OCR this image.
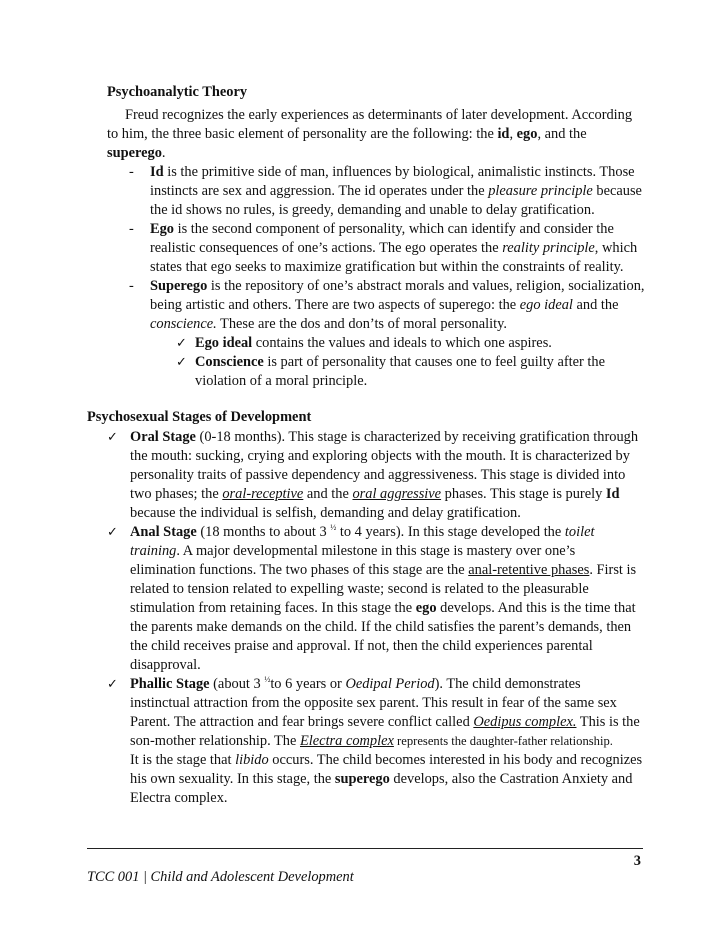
Psychoanalytic Theory
Freud recognizes the early experiences as determinants of later development. According
to him, the three basic element of personality are the following: the id, ego, and the
superego.
- Id is the primitive side of man, influences by biological, animalistic instincts. Those
instincts are sex and aggression. The id operates under the pleasure principle because
the id shows no rules, is greedy, demanding and unable to delay gratification.
- Ego is the second component of personality, which can identify and consider the
realistic consequences of one’s actions. The ego operates the reality principle, which
states that ego seeks to maximize gratification but within the constraints of reality.
- Superego is the repository of one’s abstract morals and values, religion, socialization,
being artistic and others. There are two aspects of superego: the ego ideal and the
conscience. These are the dos and don’ts of moral personality.
✓ Ego ideal contains the values and ideals to which one aspires.
✓ Conscience is part of personality that causes one to feel guilty after the
violation of a moral principle.
Psychosexual Stages of Development
✓ Oral Stage (0-18 months). This stage is characterized by receiving gratification through
the mouth: sucking, crying and exploring objects with the mouth. It is characterized by
personality traits of passive dependency and aggressiveness. This stage is divided into
two phases; the oral-receptive and the oral aggressive phases. This stage is purely Id
because the individual is selfish, demanding and delay gratification.
✓ Anal Stage (18 months to about 3 $^{\frac{1}{2}}$ to 4 years). In this stage developed the toilet
training. A major developmental milestone in this stage is mastery over one’s
elimination functions. The two phases of this stage are the anal-retentive phases. First is
related to tension related to expelling waste; second is related to the pleasurable
stimulation from retaining faces. In this stage the ego develops. And this is the time that
the parents make demands on the child. If the child satisfies the parent’s demands, then
the child receives praise and approval. If not, then the child experiences parental
disapproval.
✓ Phallic Stage (about 3 $^{\frac{1}{2}}$to 6 years or Oedipal Period). The child demonstrates
instinctual attraction from the opposite sex parent. This result in fear of the same sex
Parent. The attraction and fear brings severe conflict called Oedipus complex. This is the
son-mother relationship. The Electra complex represents the daughter-father relationship.
It is the stage that libido occurs. The child becomes interested in his body and recognizes
his own sexuality. In this stage, the superego develops, also the Castration Anxiety and
Electra complex.
3
TCC 001 | Child and Adolescent Development
